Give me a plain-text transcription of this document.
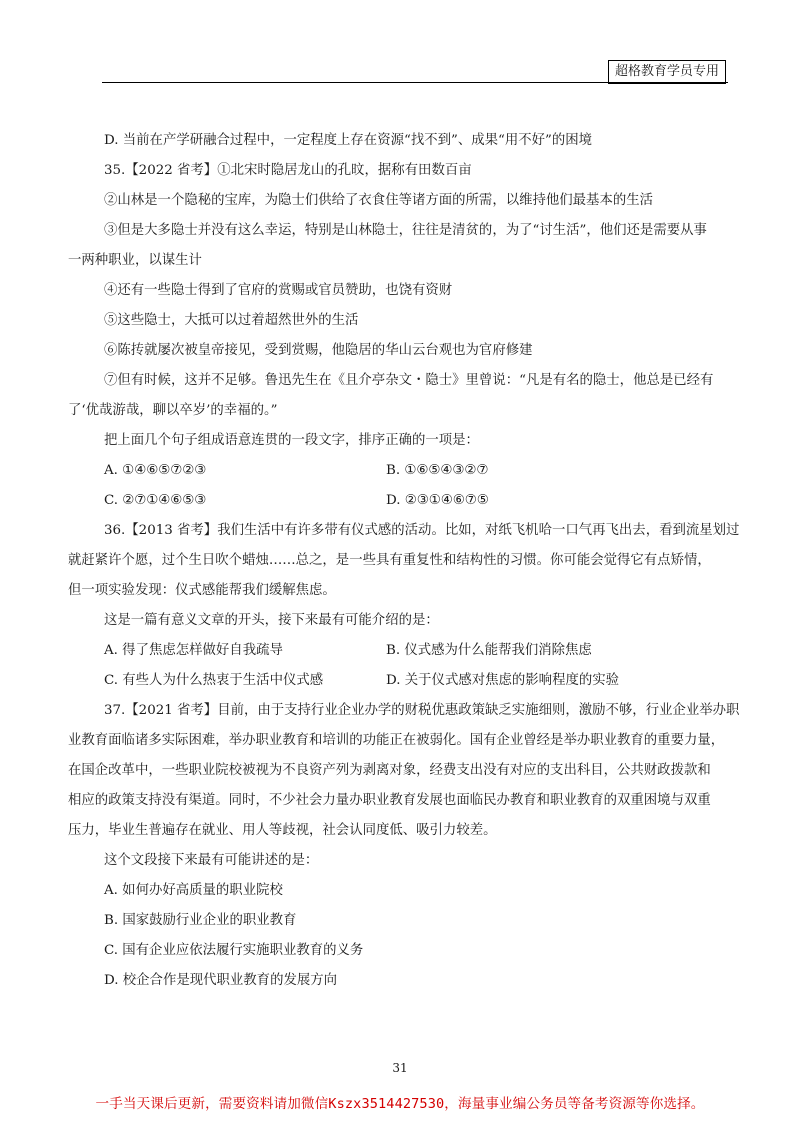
超格教育学员专用
D. 当前在产学研融合过程中，一定程度上存在资源“找不到”、成果“用不好”的困境
35.【2022 省考】①北宋时隐居龙山的孔旼，据称有田数百亩
②山林是一个隐秘的宝库，为隐士们供给了衣食住等诸方面的所需，以维持他们最基本的生活
③但是大多隐士并没有这么幸运，特别是山林隐士，往往是清贫的，为了“讨生活”，他们还是需要从事
一两种职业，以谋生计
④还有一些隐士得到了官府的赏赐或官员赞助，也饶有资财
⑤这些隐士，大抵可以过着超然世外的生活
⑥陈抟就屡次被皇帝接见，受到赏赐，他隐居的华山云台观也为官府修建
⑦但有时候，这并不足够。鲁迅先生在《且介亭杂文・隐士》里曾说：“凡是有名的隐士，他总是已经有
了‘优哉游哉，聊以卒岁’的幸福的。”
把上面几个句子组成语意连贯的一段文字，排序正确的一项是：
A. ①④⑥⑤⑦②③	B. ①⑥⑤④③②⑦
C. ②⑦①④⑥⑤③	D. ②③①④⑥⑦⑤
36.【2013 省考】我们生活中有许多带有仪式感的活动。比如，对纸飞机哈一口气再飞出去，看到流星划过
就赶紧许个愿，过个生日吹个蜡烛……总之，是一些具有重复性和结构性的习惯。你可能会觉得它有点矫情，
但一项实验发现：仪式感能帮我们缓解焦虑。
这是一篇有意义文章的开头，接下来最有可能介绍的是：
A. 得了焦虑怎样做好自我疏导	B. 仪式感为什么能帮我们消除焦虑
C. 有些人为什么热衷于生活中仪式感	D. 关于仪式感对焦虑的影响程度的实验
37.【2021 省考】目前，由于支持行业企业办学的财税优惠政策缺乏实施细则，激励不够，行业企业举办职
业教育面临诸多实际困难，举办职业教育和培训的功能正在被弱化。国有企业曾经是举办职业教育的重要力量，
在国企改革中，一些职业院校被视为不良资产列为剥离对象，经费支出没有对应的支出科目，公共财政拨款和
相应的政策支持没有渠道。同时，不少社会力量办职业教育发展也面临民办教育和职业教育的双重困境与双重
压力，毕业生普遍存在就业、用人等歧视，社会认同度低、吸引力较差。
这个文段接下来最有可能讲述的是：
A. 如何办好高质量的职业院校
B. 国家鼓励行业企业的职业教育
C. 国有企业应依法履行实施职业教育的义务
D. 校企合作是现代职业教育的发展方向
31
一手当天课后更新，需要资料请加微信Kszx3514427530，海量事业编公务员等备考资源等你选择。
